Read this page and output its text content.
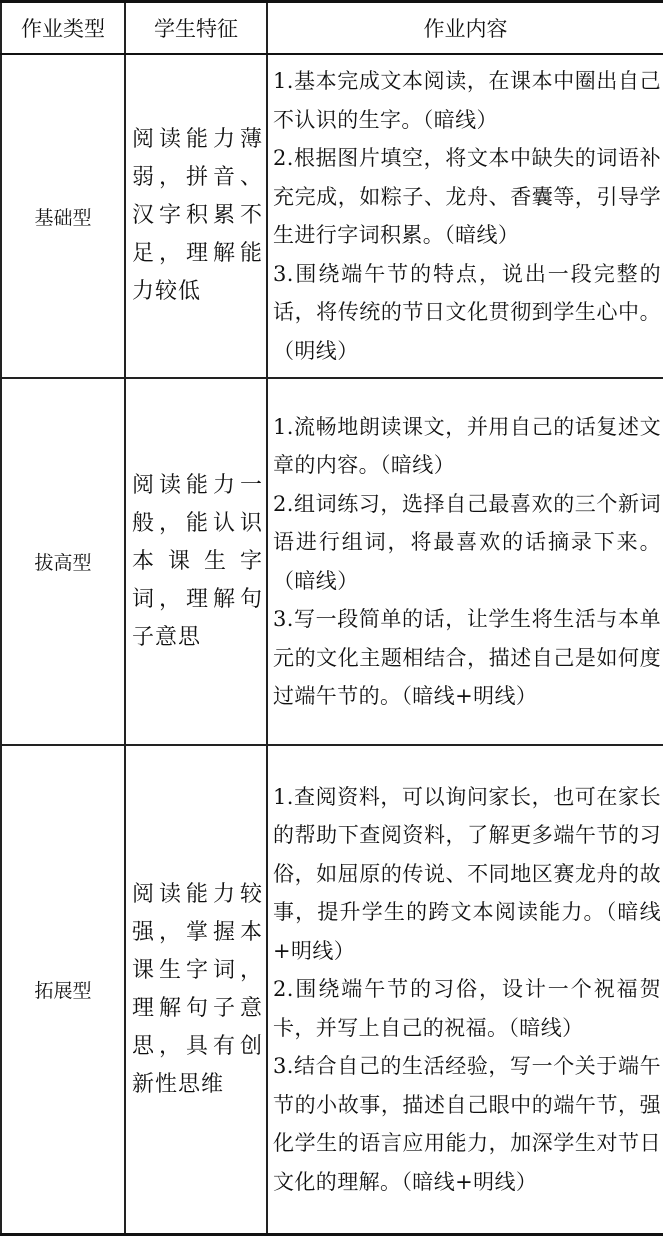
作业类型	学生特征	作业内容
基础型	阅读能力薄弱，拼音、汉字积累不足，理解能力较低	1.基本完成文本阅读，在课本中圈出自己不认识的生字。（暗线）
2.根据图片填空，将文本中缺失的词语补充完成，如粽子、龙舟、香囊等，引导学生进行字词积累。（暗线）
3.围绕端午节的特点，说出一段完整的话，将传统的节日文化贯彻到学生心中。（明线）

拔高型	阅读能力一般，能认识本课生字词，理解句子意思	1.流畅地朗读课文，并用自己的话复述文章的内容。（暗线）
2.组词练习，选择自己最喜欢的三个新词语进行组词，将最喜欢的话摘录下来。（暗线）
3.写一段简单的话，让学生将生活与本单元的文化主题相结合，描述自己是如何度过端午节的。（暗线+明线）

拓展型	阅读能力较强，掌握本课生字词，理解句子意思，具有创新性思维	1.查阅资料，可以询问家长，也可在家长的帮助下查阅资料，了解更多端午节的习俗，如屈原的传说、不同地区赛龙舟的故事，提升学生的跨文本阅读能力。（暗线+明线）
2.围绕端午节的习俗，设计一个祝福贺卡，并写上自己的祝福。（暗线）
3.结合自己的生活经验，写一个关于端午节的小故事，描述自己眼中的端午节，强化学生的语言应用能力，加深学生对节日文化的理解。（暗线+明线）
